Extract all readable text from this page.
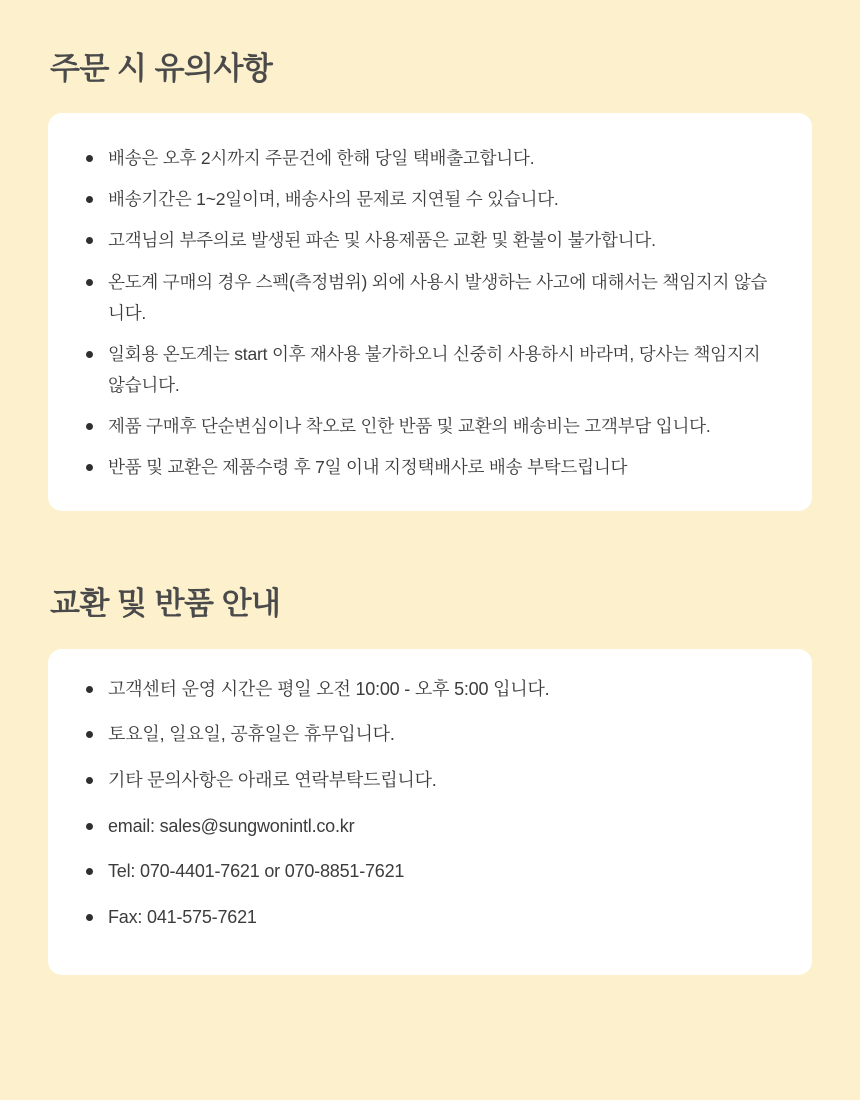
주문 시 유의사항
배송은 오후 2시까지 주문건에 한해 당일 택배출고합니다.
배송기간은 1~2일이며, 배송사의 문제로 지연될 수 있습니다.
고객님의 부주의로 발생된 파손 및 사용제품은 교환 및 환불이 불가합니다.
온도계 구매의 경우 스펙(측정범위) 외에 사용시 발생하는 사고에 대해서는 책임지지 않습니다.
일회용 온도계는 start 이후 재사용 불가하오니 신중히 사용하시 바라며, 당사는 책임지지 않습니다.
제품 구매후 단순변심이나 착오로 인한 반품 및 교환의 배송비는 고객부담 입니다.
반품 및 교환은 제품수령 후 7일 이내 지정택배사로 배송 부탁드립니다
교환 및 반품 안내
고객센터 운영 시간은 평일 오전 10:00 - 오후 5:00 입니다.
토요일, 일요일, 공휴일은 휴무입니다.
기타 문의사항은 아래로 연락부탁드립니다.
email: sales@sungwonintl.co.kr
Tel: 070-4401-7621 or 070-8851-7621
Fax: 041-575-7621
